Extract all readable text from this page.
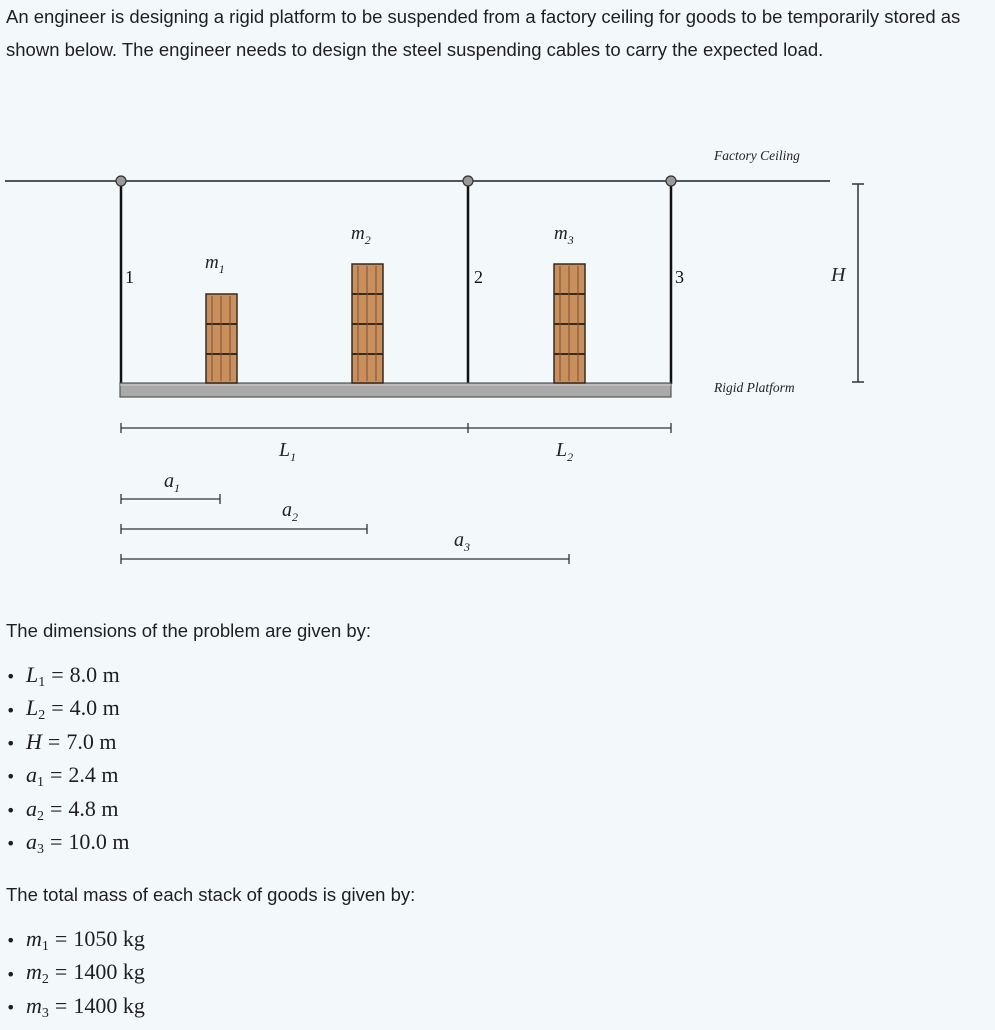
An engineer is designing a rigid platform to be suspended from a factory ceiling for goods to be temporarily stored as shown below. The engineer needs to design the steel suspending cables to carry the expected load.

Factory Ceiling
1	2	3
Rigid Platform
H
$m_1$
$m_2$	$m_3$
$L_1$	$L_2$
$a_1$
$a_2$
$a_3$

The dimensions of the problem are given by:

• $L_1 = 8.0$ m
• $L_2 = 4.0$ m
• H = 7.0 m
• $a_1 = 2.4$ m
• $a_2 = 4.8$ m
• $a_3 = 10.0$ m

The total mass of each stack of goods is given by:

• $m_1 = 1050$ kg
• $m_2 = 1400$ kg
• $m_3 = 1400$ kg
